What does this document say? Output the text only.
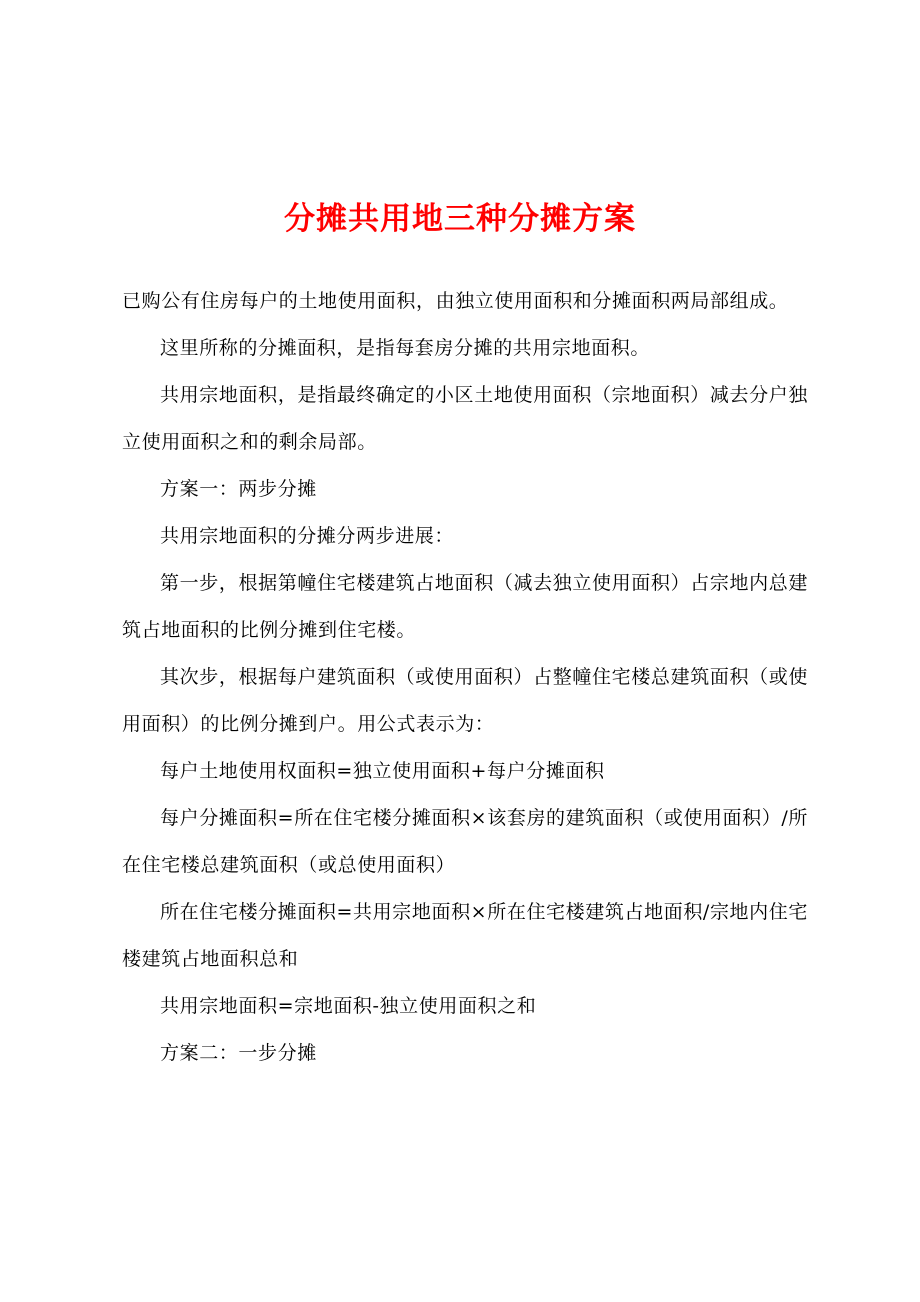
分摊共用地三种分摊方案

已购公有住房每户的土地使用面积，由独立使用面积和分摊面积两局部组成。

这里所称的分摊面积，是指每套房分摊的共用宗地面积。

共用宗地面积，是指最终确定的小区土地使用面积（宗地面积）减去分户独立使用面积之和的剩余局部。

方案一：两步分摊

共用宗地面积的分摊分两步进展：

第一步，根据第幢住宅楼建筑占地面积（减去独立使用面积）占宗地内总建筑占地面积的比例分摊到住宅楼。

其次步，根据每户建筑面积（或使用面积）占整幢住宅楼总建筑面积（或使用面积）的比例分摊到户。用公式表示为：

每户土地使用权面积=独立使用面积+每户分摊面积

每户分摊面积=所在住宅楼分摊面积×该套房的建筑面积（或使用面积）/所在住宅楼总建筑面积（或总使用面积）

所在住宅楼分摊面积=共用宗地面积×所在住宅楼建筑占地面积/宗地内住宅楼建筑占地面积总和

共用宗地面积=宗地面积-独立使用面积之和

方案二：一步分摊
